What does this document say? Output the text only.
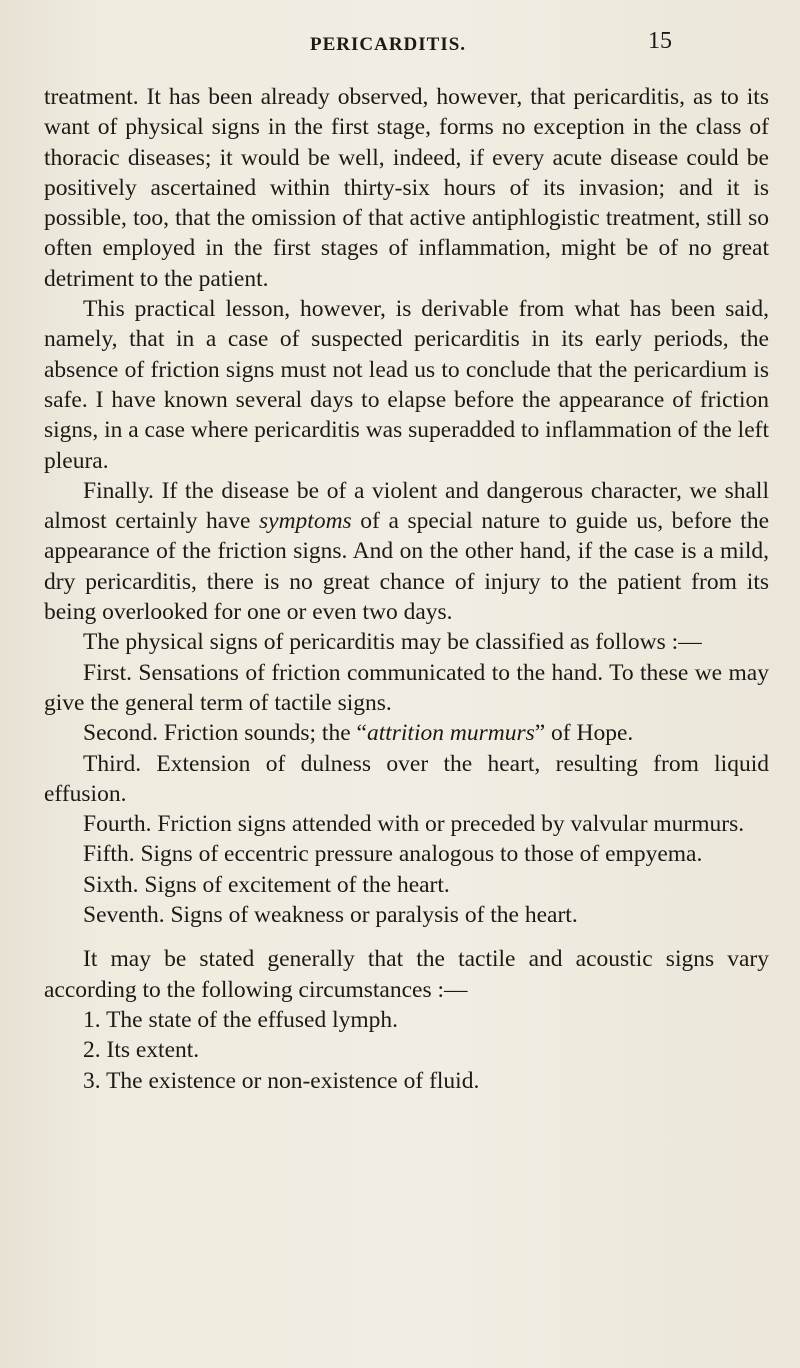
PERICARDITIS.	15

treatment. It has been already observed, however, that pericarditis, as to its want of physical signs in the first stage, forms no exception in the class of thoracic diseases; it would be well, indeed, if every acute disease could be positively ascertained within thirty-six hours of its invasion; and it is possible, too, that the omission of that active antiphlogistic treatment, still so often employed in the first stages of inflammation, might be of no great detriment to the patient.

This practical lesson, however, is derivable from what has been said, namely, that in a case of suspected pericarditis in its early periods, the absence of friction signs must not lead us to conclude that the pericardium is safe. I have known several days to elapse before the appearance of friction signs, in a case where pericarditis was superadded to inflammation of the left pleura.

Finally. If the disease be of a violent and dangerous character, we shall almost certainly have symptoms of a special nature to guide us, before the appearance of the friction signs. And on the other hand, if the case is a mild, dry pericarditis, there is no great chance of injury to the patient from its being overlooked for one or even two days.

The physical signs of pericarditis may be classified as follows :—

First. Sensations of friction communicated to the hand. To these we may give the general term of tactile signs.

Second. Friction sounds; the “attrition murmurs” of Hope.

Third. Extension of dulness over the heart, resulting from liquid effusion.

Fourth. Friction signs attended with or preceded by valvular murmurs.

Fifth. Signs of eccentric pressure analogous to those of empyema.

Sixth. Signs of excitement of the heart.

Seventh. Signs of weakness or paralysis of the heart.

It may be stated generally that the tactile and acoustic signs vary according to the following circumstances :—

1. The state of the effused lymph.

2. Its extent.

3. The existence or non-existence of fluid.
